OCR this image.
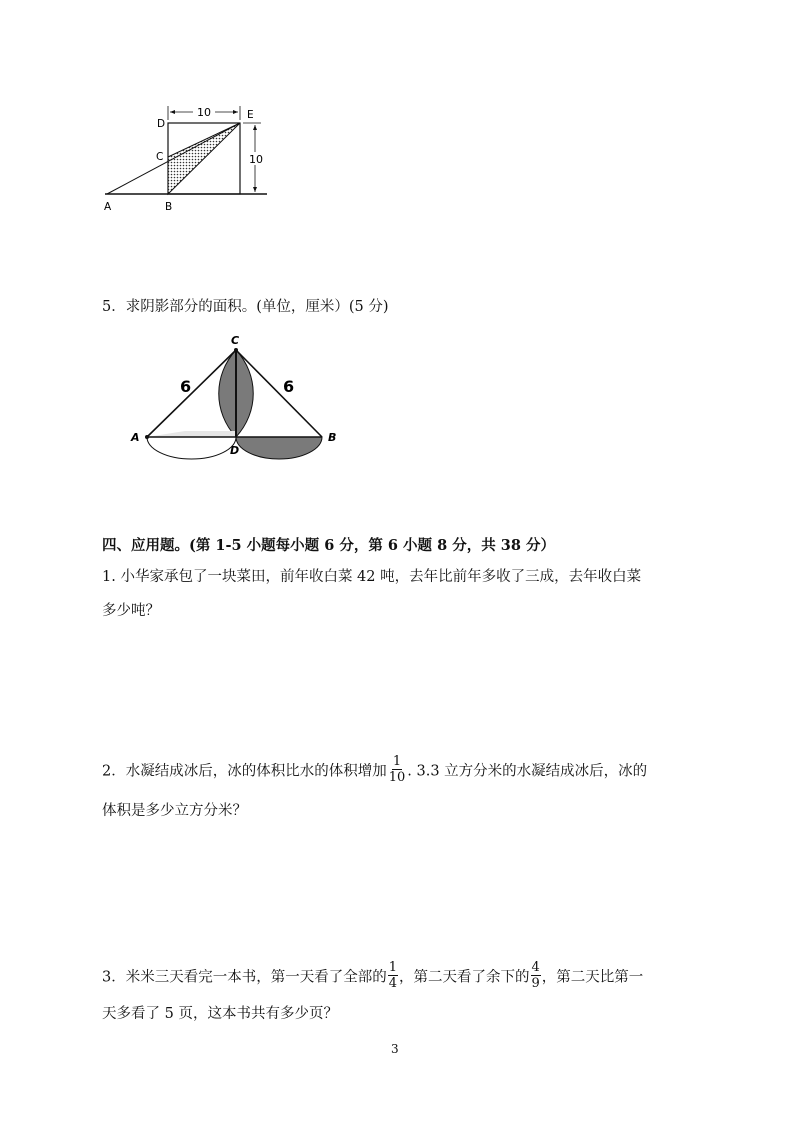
10
10
D
E
C
A	B
5．求阴影部分的面积。(单位，厘米）(5 分)
C
A	B
D
6	6
四、应用题。(第 1-5 小题每小题 6 分，第 6 小题 8 分，共 38 分）
1. 小华家承包了一块菜田，前年收白菜 42 吨，去年比前年多收了三成，去年收白菜
多少吨？
2．水凝结成冰后，冰的体积比水的体积增加 $\frac{1}{10}$ . 3.3 立方分米的水凝结成冰后，冰的
体积是多少立方分米？
3．米米三天看完一本书，第一天看了全部的 $\frac{1}{4}$ ，第二天看了余下的 $\frac{4}{9}$ ，第二天比第一
天多看了 5 页，这本书共有多少页？
3
